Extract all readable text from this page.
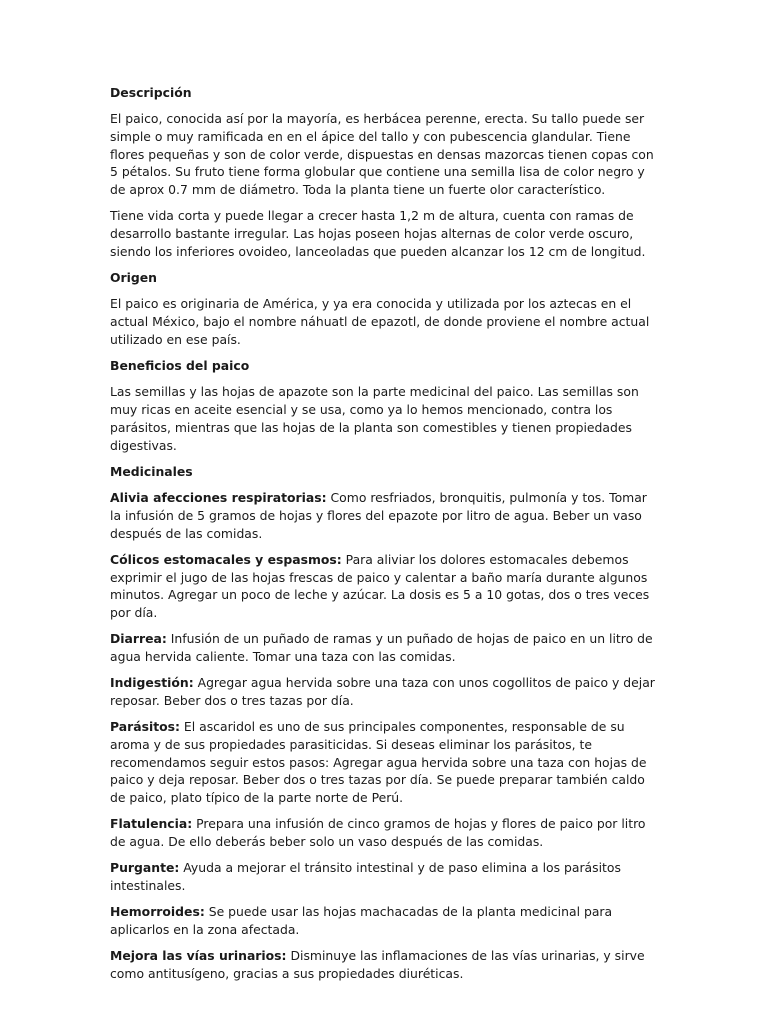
Descripción

El paico, conocida así por la mayoría, es herbácea perenne, erecta. Su tallo puede ser simple o muy ramificada en en el ápice del tallo y con pubescencia glandular. Tiene flores pequeñas y son de color verde, dispuestas en densas mazorcas tienen copas con 5 pétalos. Su fruto tiene forma globular que contiene una semilla lisa de color negro y de aprox 0.7 mm de diámetro. Toda la planta tiene un fuerte olor característico.

Tiene vida corta y puede llegar a crecer hasta 1,2 m de altura, cuenta con ramas de desarrollo bastante irregular. Las hojas poseen hojas alternas de color verde oscuro, siendo los inferiores ovoideo, lanceoladas que pueden alcanzar los 12 cm de longitud.

Origen

El paico es originaria de América, y ya era conocida y utilizada por los aztecas en el actual México, bajo el nombre náhuatl de epazotl, de donde proviene el nombre actual utilizado en ese país.

Beneficios del paico

Las semillas y las hojas de apazote son la parte medicinal del paico. Las semillas son muy ricas en aceite esencial y se usa, como ya lo hemos mencionado, contra los parásitos, mientras que las hojas de la planta son comestibles y tienen propiedades digestivas.

Medicinales

Alivia afecciones respiratorias: Como resfriados, bronquitis, pulmonía y tos. Tomar la infusión de 5 gramos de hojas y flores del epazote por litro de agua. Beber un vaso después de las comidas.

Cólicos estomacales y espasmos: Para aliviar los dolores estomacales debemos exprimir el jugo de las hojas frescas de paico y calentar a baño maría durante algunos minutos. Agregar un poco de leche y azúcar. La dosis es 5 a 10 gotas, dos o tres veces por día.

Diarrea: Infusión de un puñado de ramas y un puñado de hojas de paico en un litro de agua hervida caliente. Tomar una taza con las comidas.

Indigestión: Agregar agua hervida sobre una taza con unos cogollitos de paico y dejar reposar. Beber dos o tres tazas por día.

Parásitos: El ascaridol es uno de sus principales componentes, responsable de su aroma y de sus propiedades parasiticidas. Si deseas eliminar los parásitos, te recomendamos seguir estos pasos: Agregar agua hervida sobre una taza con hojas de paico y deja reposar. Beber dos o tres tazas por día. Se puede preparar también caldo de paico, plato típico de la parte norte de Perú.

Flatulencia: Prepara una infusión de cinco gramos de hojas y flores de paico por litro de agua. De ello deberás beber solo un vaso después de las comidas.

Purgante: Ayuda a mejorar el tránsito intestinal y de paso elimina a los parásitos intestinales.

Hemorroides: Se puede usar las hojas machacadas de la planta medicinal para aplicarlos en la zona afectada.

Mejora las vías urinarios: Disminuye las inflamaciones de las vías urinarias, y sirve como antitusígeno, gracias a sus propiedades diuréticas.
